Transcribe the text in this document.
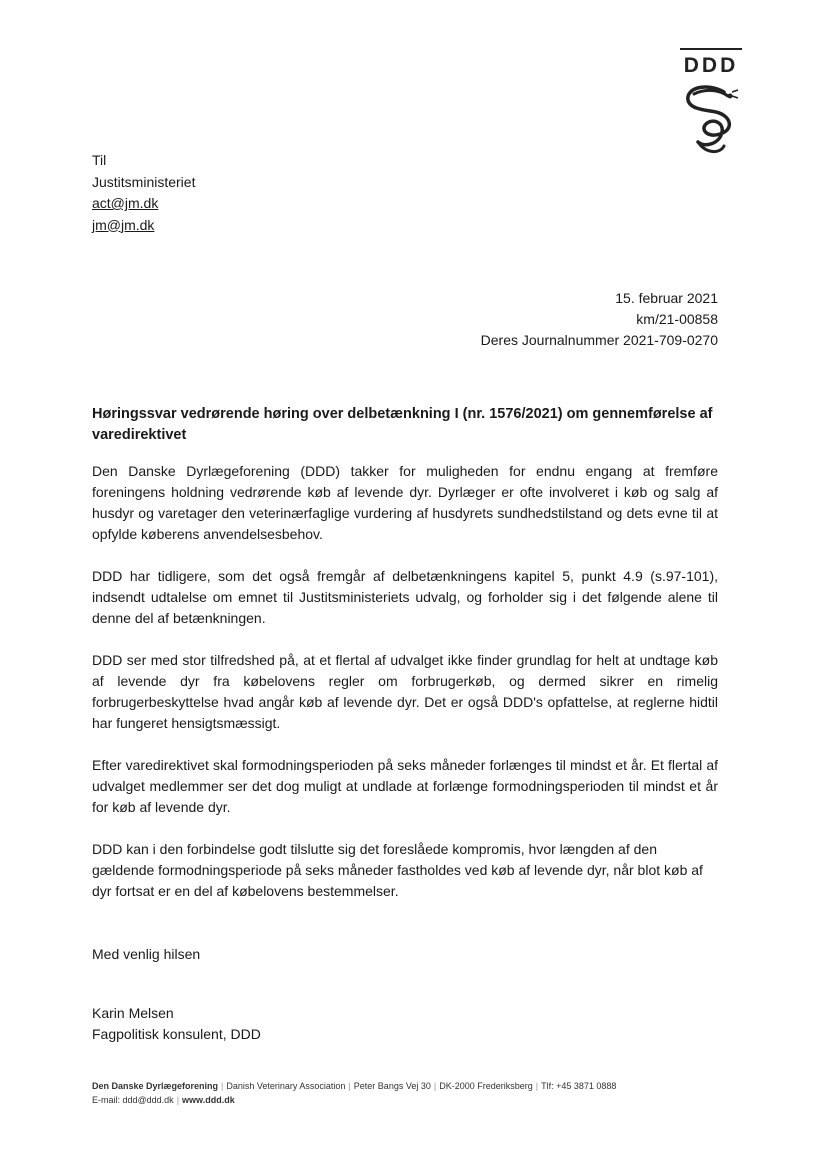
DDD
Til
Justitsministeriet
act@jm.dk
jm@jm.dk
15. februar 2021
km/21-00858
Deres Journalnummer 2021-709-0270
Høringssvar vedrørende høring over delbetænkning I (nr. 1576/2021) om gennemførelse af varedirektivet

Den Danske Dyrlægeforening (DDD) takker for muligheden for endnu engang at fremføre foreningens holdning vedrørende køb af levende dyr. Dyrlæger er ofte involveret i køb og salg af husdyr og varetager den veterinærfaglige vurdering af husdyrets sundhedstilstand og dets evne til at opfylde køberens anvendelsesbehov.

DDD har tidligere, som det også fremgår af delbetænkningens kapitel 5, punkt 4.9 (s.97-101), indsendt udtalelse om emnet til Justitsministeriets udvalg, og forholder sig i det følgende alene til denne del af betænkningen.

DDD ser med stor tilfredshed på, at et flertal af udvalget ikke finder grundlag for helt at undtage køb af levende dyr fra købelovens regler om forbrugerkøb, og dermed sikrer en rimelig forbrugerbeskyttelse hvad angår køb af levende dyr. Det er også DDD's opfattelse, at reglerne hidtil har fungeret hensigtsmæssigt.

Efter varedirektivet skal formodningsperioden på seks måneder forlænges til mindst et år. Et flertal af udvalget medlemmer ser det dog muligt at undlade at forlænge formodningsperioden til mindst et år for køb af levende dyr.

DDD kan i den forbindelse godt tilslutte sig det foreslåede kompromis, hvor længden af den gældende formodningsperiode på seks måneder fastholdes ved køb af levende dyr, når blot køb af dyr fortsat er en del af købelovens bestemmelser.

Med venlig hilsen
Karin Melsen
Fagpolitisk konsulent, DDD
Den Danske Dyrlægeforening | Danish Veterinary Association | Peter Bangs Vej 30 | DK-2000 Frederiksberg | Tlf: +45 3871 0888
E-mail: ddd@ddd.dk | www.ddd.dk
